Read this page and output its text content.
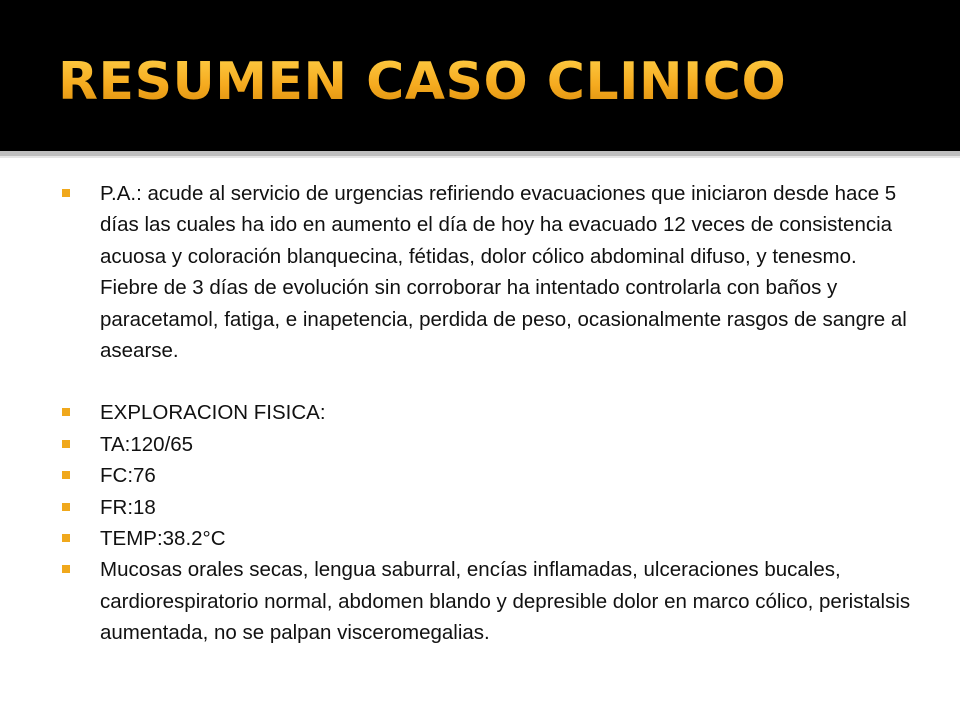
RESUMEN CASO CLINICO
P.A.: acude al servicio de urgencias refiriendo evacuaciones que iniciaron desde hace 5 días las cuales ha ido en aumento el día de hoy ha evacuado 12 veces de consistencia acuosa y coloración blanquecina, fétidas, dolor cólico abdominal difuso, y tenesmo. Fiebre de 3 días de evolución sin corroborar ha intentado controlarla con baños y paracetamol, fatiga, e inapetencia, perdida de peso, ocasionalmente rasgos de sangre al asearse.
EXPLORACION FISICA:
TA:120/65
FC:76
FR:18
TEMP:38.2°C
Mucosas orales secas, lengua saburral, encías inflamadas, ulceraciones bucales, cardiorespiratorio normal, abdomen blando y depresible dolor en marco cólico, peristalsis aumentada, no se palpan visceromegalias.
